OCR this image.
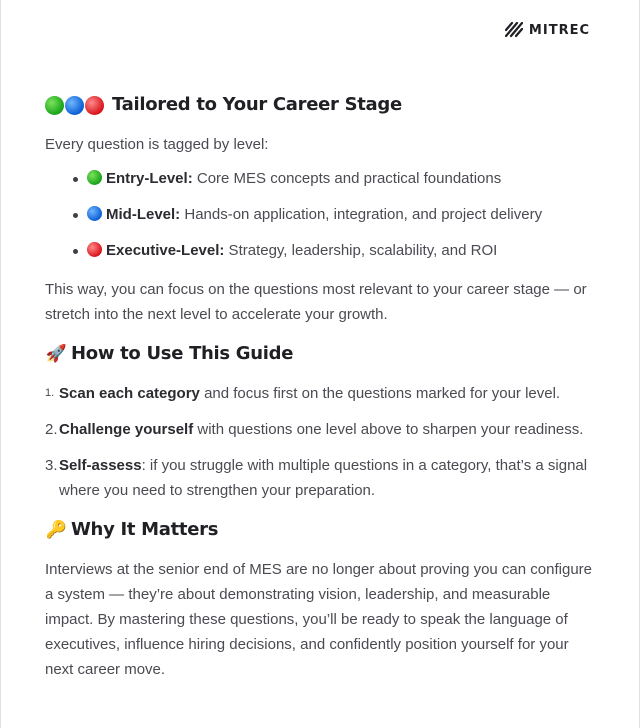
MITREC
Tailored to Your Career Stage

Every question is tagged by level:

Entry-Level: Core MES concepts and practical foundations
Mid-Level: Hands-on application, integration, and project delivery
Executive-Level: Strategy, leadership, scalability, and ROI

This way, you can focus on the questions most relevant to your career stage — or stretch into the next level to accelerate your growth.

🚀 How to Use This Guide
1. Scan each category and focus first on the questions marked for your level.
2. Challenge yourself with questions one level above to sharpen your readiness.
3. Self-assess: if you struggle with multiple questions in a category, that’s a signal where you need to strengthen your preparation.
🔑 Why It Matters

Interviews at the senior end of MES are no longer about proving you can configure a system — they’re about demonstrating vision, leadership, and measurable impact. By mastering these questions, you’ll be ready to speak the language of executives, influence hiring decisions, and confidently position yourself for your next career move.
